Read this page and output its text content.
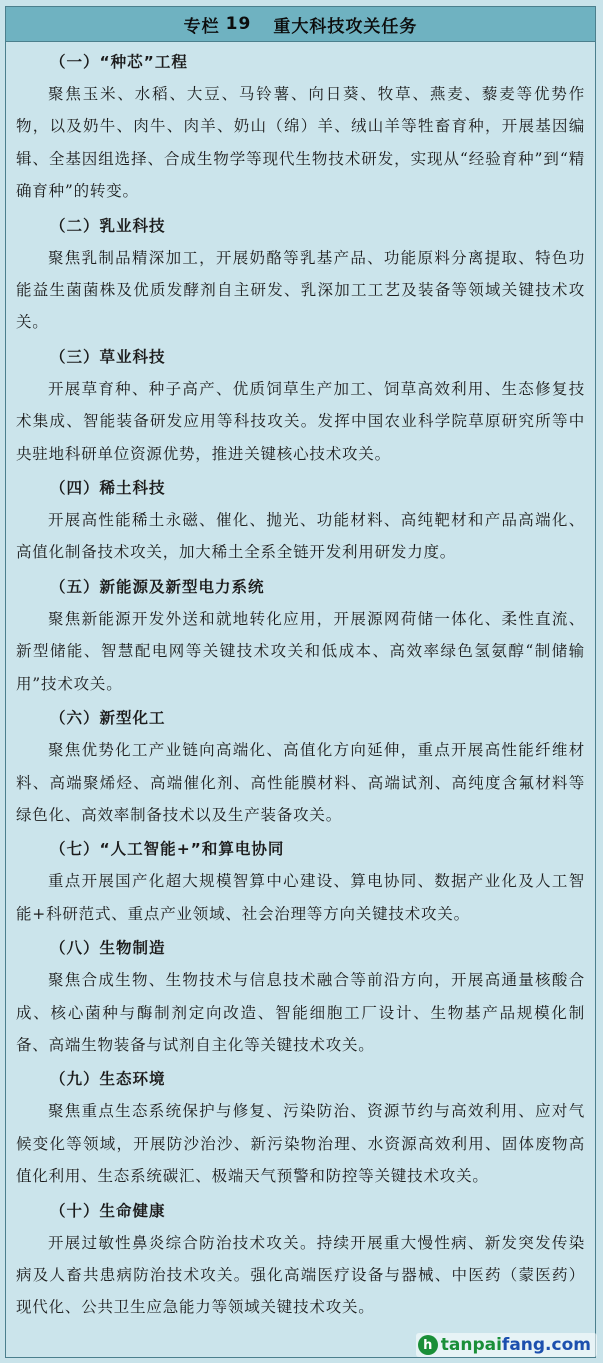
专栏 19 重大科技攻关任务
（一）“种芯”工程

聚焦玉米、水稻、大豆、马铃薯、向日葵、牧草、燕麦、藜麦等优势作物，以及奶牛、肉牛、肉羊、奶山（绵）羊、绒山羊等牲畜育种，开展基因编辑、全基因组选择、合成生物学等现代生物技术研发，实现从“经验育种”到“精确育种”的转变。

（二）乳业科技

聚焦乳制品精深加工，开展奶酪等乳基产品、功能原料分离提取、特色功能益生菌菌株及优质发酵剂自主研发、乳深加工工艺及装备等领域关键技术攻关。

（三）草业科技

开展草育种、种子高产、优质饲草生产加工、饲草高效利用、生态修复技术集成、智能装备研发应用等科技攻关。发挥中国农业科学院草原研究所等中央驻地科研单位资源优势，推进关键核心技术攻关。

（四）稀土科技

开展高性能稀土永磁、催化、抛光、功能材料、高纯靶材和产品高端化、高值化制备技术攻关，加大稀土全系全链开发利用研发力度。

（五）新能源及新型电力系统

聚焦新能源开发外送和就地转化应用，开展源网荷储一体化、柔性直流、新型储能、智慧配电网等关键技术攻关和低成本、高效率绿色氢氨醇“制储输用”技术攻关。

（六）新型化工

聚焦优势化工产业链向高端化、高值化方向延伸，重点开展高性能纤维材料、高端聚烯烃、高端催化剂、高性能膜材料、高端试剂、高纯度含氟材料等绿色化、高效率制备技术以及生产装备攻关。

（七）“人工智能+”和算电协同

重点开展国产化超大规模智算中心建设、算电协同、数据产业化及人工智能+科研范式、重点产业领域、社会治理等方向关键技术攻关。

（八）生物制造

聚焦合成生物、生物技术与信息技术融合等前沿方向，开展高通量核酸合成、核心菌种与酶制剂定向改造、智能细胞工厂设计、生物基产品规模化制备、高端生物装备与试剂自主化等关键技术攻关。

（九）生态环境

聚焦重点生态系统保护与修复、污染防治、资源节约与高效利用、应对气候变化等领域，开展防沙治沙、新污染物治理、水资源高效利用、固体废物高值化利用、生态系统碳汇、极端天气预警和防控等关键技术攻关。

（十）生命健康

开展过敏性鼻炎综合防治技术攻关。持续开展重大慢性病、新发突发传染病及人畜共患病防治技术攻关。强化高端医疗设备与器械、中医药（蒙医药）现代化、公共卫生应急能力等领域关键技术攻关。

h tanpaifang.com
